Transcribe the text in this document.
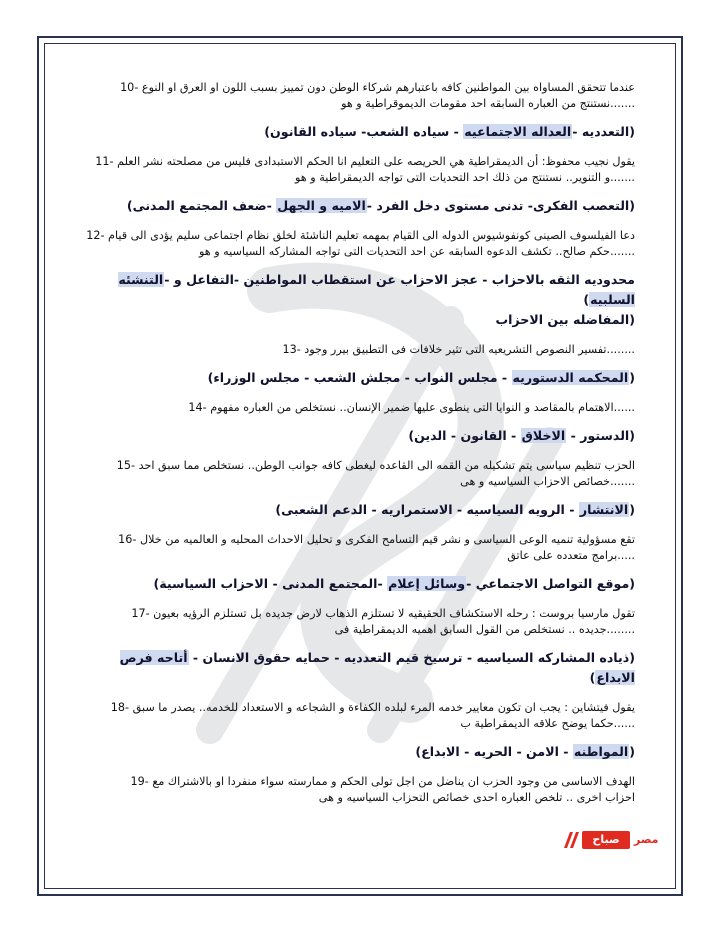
عندما تتحقق المساواه بين المواطنين كافه باعتبارهم شركاء الوطن دون تمييز بسبب اللون او العرق او النوع -10
.......نستنتج من العباره السابقه احد مقومات الديموقراطية و هو
(التعدديه -العداله الاجتماعيه - سياده الشعب- سياده القانون)
يقول نجيب محفوظ: أن الديمقراطية هي الحريصه على التعليم انا الحكم الاستبدادى فليس من مصلحته نشر العلم -11
.......و التنوير.. نستنتج من ذلك احد التحديات التى تواجه الديمقراطية و هو
(التعصب الفكرى- تدنى مستوى دخل الفرد -الاميه و الجهل -ضعف المجتمع المدنى)
دعا الفيلسوف الصينى كونفوشيوس الدوله الى القيام بمهمه تعليم الناشئة لخلق نظام اجتماعى سليم يؤدى الى قيام -12
.......حكم صالح.. تكشف الدعوه السابقه عن احد التحديات التى تواجه المشاركه السياسيه و هو
محدوديه الثقه بالاحزاب - عجز الاحزاب عن استقطاب المواطنين -التفاعل و -التنشئه السلبيه)
(المفاضله بين الاحزاب
........تفسير النصوص التشريعيه التى تثير خلافات فى التطبيق بيرر وجود -13
(المحكمه الدستوريه - مجلس النواب - مجلش الشعب - مجلس الوزراء)
......الاهتمام بالمقاصد و النوايا التى ينطوى عليها ضمير الإنسان.. نستخلص من العباره مفهوم -14
(الدستور - الاخلاق - القانون - الدين)
الحزب تنظيم سياسى يتم تشكيله من القمه الى القاعده ليغطى كافه جوانب الوطن.. نستخلص مما سبق احد -15
.......خصائص الاحزاب السياسيه و هى
(الانتشار - الرويه السياسيه - الاستمراريه - الدعم الشعبى)
تقع مسؤولية تنميه الوعى السياسى و نشر قيم التسامح الفكرى و تحليل الاحداث المحليه و العالميه من خلال -16
.....برامج متعدده على عاتق
(موقع التواصل الاجتماعي -وسائل إعلام -المجتمع المدنى - الاحزاب السياسية)
تقول مارسيا بروست : رحله الاستكشاف الحقيقيه لا تستلزم الذهاب لارض جديده بل تستلزم الرؤيه بعيون -17
........جديده .. نستخلص من القول السابق اهميه الديمقراطية فى
(ذياده المشاركه السياسيه - ترسيخ قيم التعدديه - حمايه حقوق الانسان - أتاحه فرص الابداع)
يقول فيتشاين : يجب ان تكون معايير خدمه المرء لبلده الكفاءة و الشجاعه و الاستعداد للخدمه.. يصدر ما سبق -18
......حكما يوضح علاقه الديمقراطية ب
(المواطنه - الامن - الحريه - الابداع)
الهدف الاساسى من وجود الحزب ان يناضل من اجل تولى الحكم و ممارسته سواء منفردا او بالاشتراك مع -19
احزاب اخرى .. تلخص العباره احدى خصائص التحزاب السياسيه و هى
صباح	مصر
